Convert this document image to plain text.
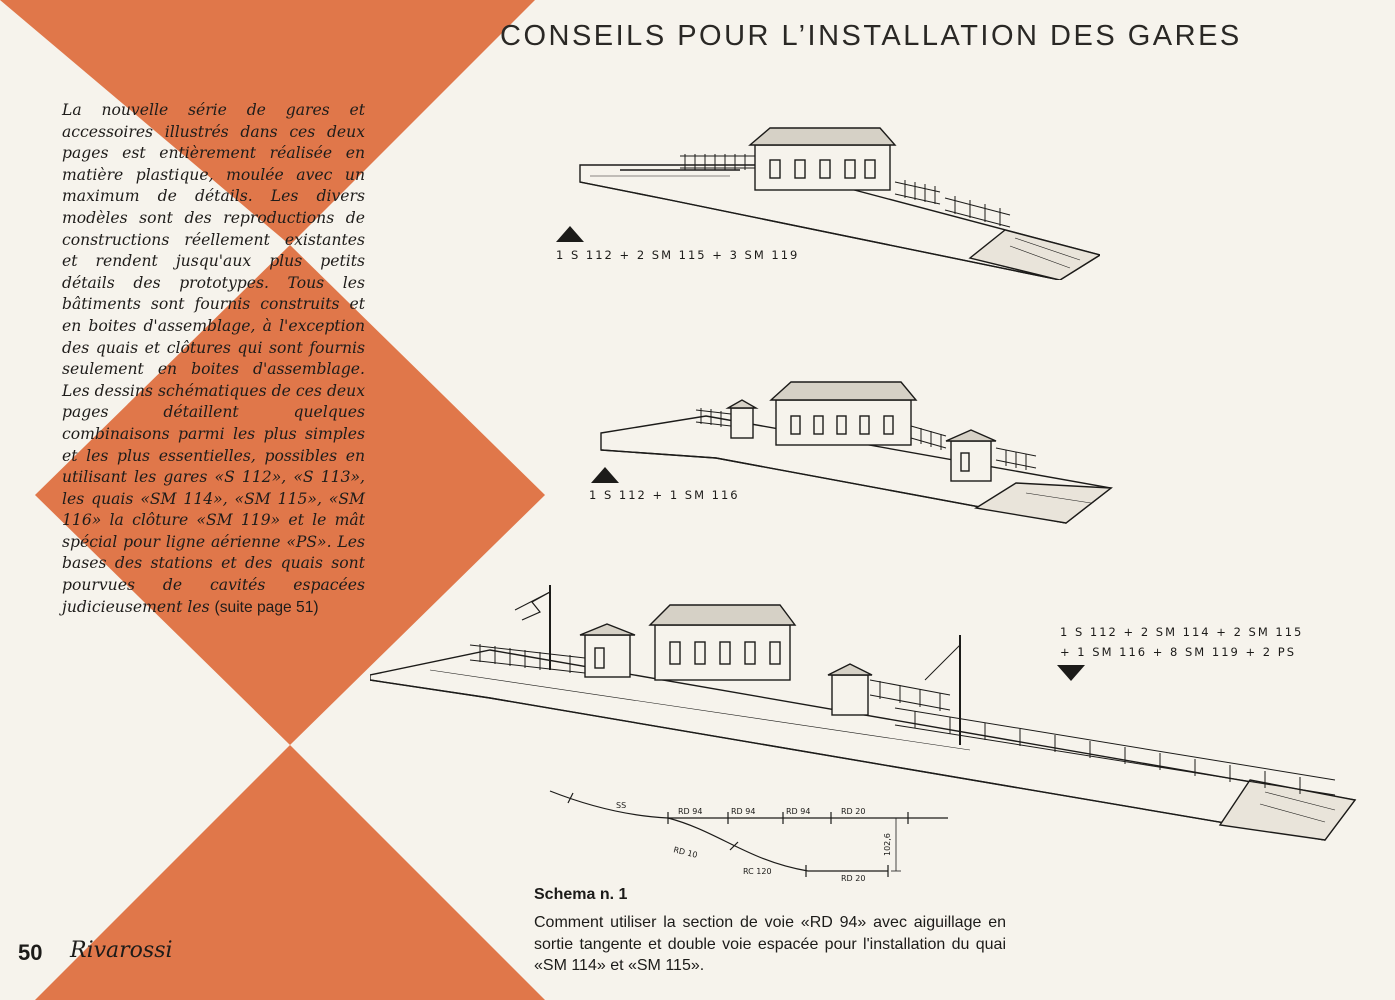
CONSEILS POUR L’INSTALLATION DES GARES
La nouvelle série de gares et accessoires illustrés dans ces deux pages est entièrement réalisée en matière plastique, moulée avec un maximum de détails. Les divers modèles sont des reproductions de constructions réellement existantes et rendent jusqu'aux plus petits détails des prototypes. Tous les bâtiments sont fournis construits et en boites d'assemblage, à l'exception des quais et clôtures qui sont fournis seulement en boites d'assemblage. Les dessins schématiques de ces deux pages détaillent quelques combinaisons parmi les plus simples et les plus essentielles, possibles en utilisant les gares «S 112», «S 113», les quais «SM 114», «SM 115», «SM 116» la clôture «SM 119» et le mât spécial pour ligne aérienne «PS». Les bases des stations et des quais sont pourvues de cavités espacées judicieusement les (suite page 51)
1 S 112 + 2 SM 115 + 3 SM 119
1 S 112 + 1 SM 116
1 S 112 + 2 SM 114 + 2 SM 115
+ 1 SM 116 + 8 SM 119 + 2 PS
SS
RD 94	RD 94	RD 94	RD 20
RD 10
RC 120
RD 20
102,6
Schema n. 1
Comment utiliser la section de voie «RD 94» avec aiguillage en sortie tangente et double voie espacée pour l'installation du quai «SM 114» et «SM 115».
50 Rivarossi
